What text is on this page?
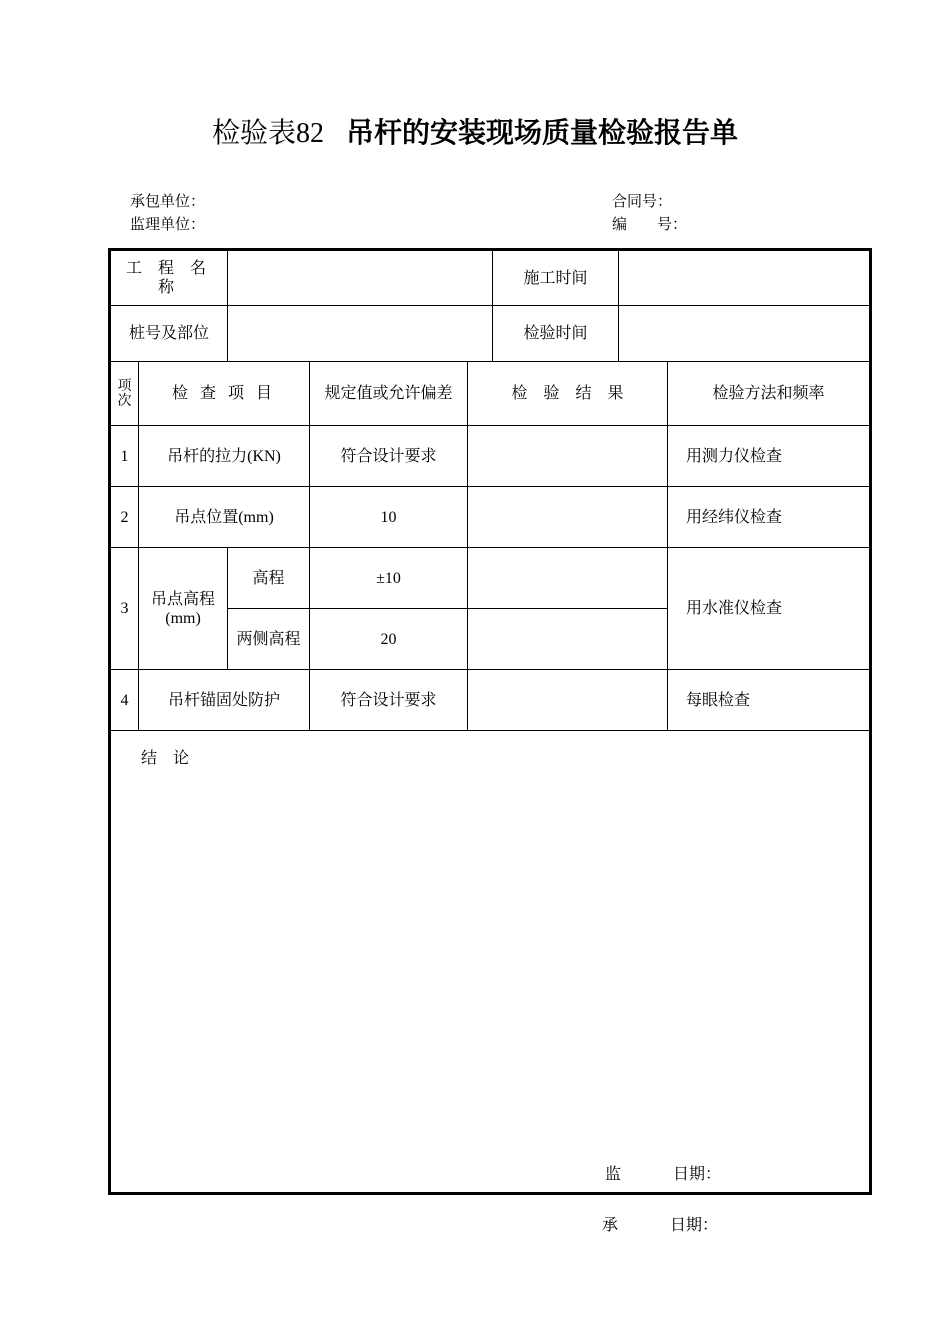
检验表82 吊杆的安装现场质量检验报告单
承包单位：
监理单位：
合同号：
编　　号：
工 程 名 称					施工时间		
桩号及部位					检验时间		
项次	检 查 项 目		规定值或允许偏差	检　验　结　果			检验方法和频率
1	吊杆的拉力(KN)		符合设计要求				用测力仪检查
2	吊点位置(mm)		10				用经纬仪检查
3	吊点高程(mm)	高程	±10				用水准仪检查
		两侧高程	20				
4	吊杆锚固处防护		符合设计要求				每眼检查

结 论
监 日期：							
承	日期：
